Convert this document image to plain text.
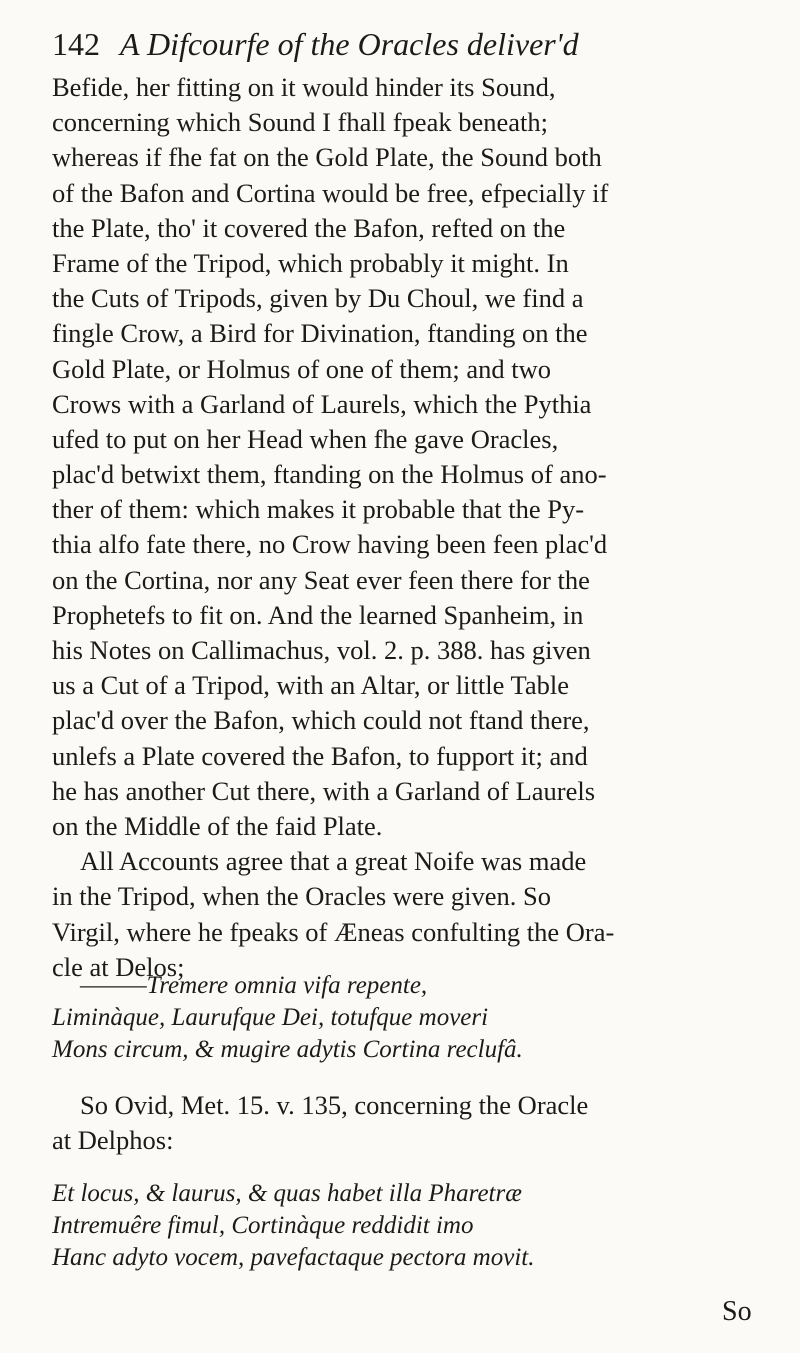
142 A Difcourfe of the Oracles deliver'd
Befide, her fitting on it would hinder its Sound,
concerning which Sound I fhall fpeak beneath;
whereas if fhe fat on the Gold Plate, the Sound both
of the Bafon and Cortina would be free, efpecially if
the Plate, tho' it covered the Bafon, refted on the
Frame of the Tripod, which probably it might. In
the Cuts of Tripods, given by Du Choul, we find a
fingle Crow, a Bird for Divination, ftanding on the
Gold Plate, or Holmus of one of them; and two
Crows with a Garland of Laurels, which the Pythia
ufed to put on her Head when fhe gave Oracles,
plac'd betwixt them, ftanding on the Holmus of ano-
ther of them: which makes it probable that the Py-
thia alfo fate there, no Crow having been feen plac'd
on the Cortina, nor any Seat ever feen there for the
Prophetefs to fit on. And the learned Spanheim, in
his Notes on Callimachus, vol. 2. p. 388. has given
us a Cut of a Tripod, with an Altar, or little Table
plac'd over the Bafon, which could not ftand there,
unlefs a Plate covered the Bafon, to fupport it; and
he has another Cut there, with a Garland of Laurels
on the Middle of the faid Plate.
All Accounts agree that a great Noife was made
in the Tripod, when the Oracles were given. So
Virgil, where he fpeaks of Æneas confulting the Ora-
cle at Delos;
———Tremere omnia vifa repente,
Liminàque, Laurufque Dei, totufque moveri
Mons circum, & mugire adytis Cortina reclufâ.
So Ovid, Met. 15. v. 135, concerning the Oracle
at Delphos:
Et locus, & laurus, & quas habet illa Pharetræ
Intremuêre fimul, Cortinàque reddidit imo
Hanc adyto vocem, pavefactaque pectora movit.
So
